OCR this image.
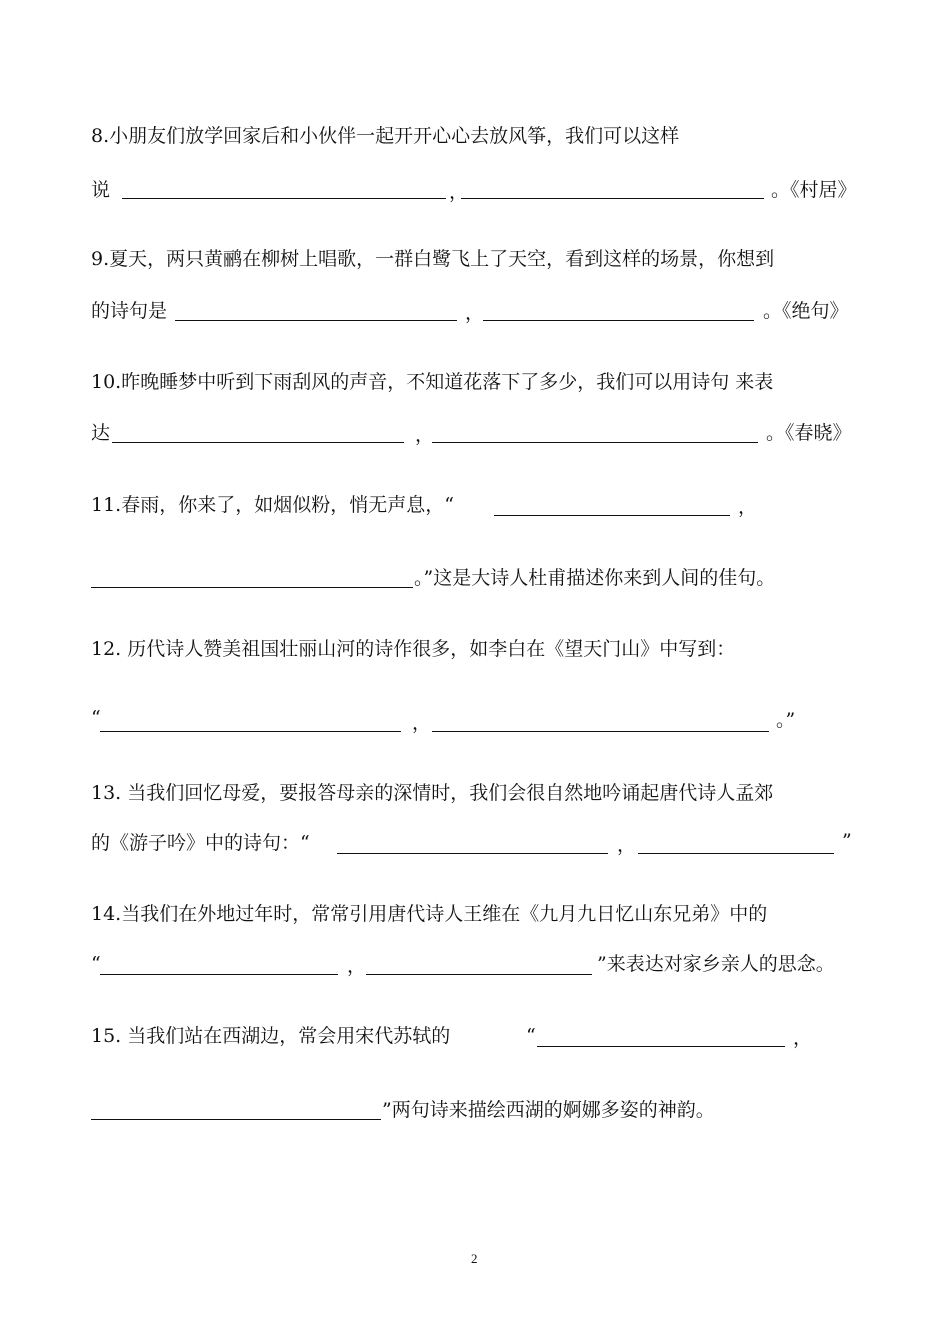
8.小朋友们放学回家后和小伙伴一起开开心心去放风筝，我们可以这样
说	，	。《村居》
9.夏天，两只黄鹂在柳树上唱歌，一群白鹭飞上了天空，看到这样的场景，你想到
的诗句是	，	。《绝句》
10.昨晚睡梦中听到下雨刮风的声音，不知道花落下了多少，我们可以用诗句 来表
达	，	。《春晓》
11.春雨，你来了，如烟似粉，悄无声息，“	，
。”这是大诗人杜甫描述你来到人间的佳句。
12. 历代诗人赞美祖国壮丽山河的诗作很多，如李白在《望天门山》中写到：
“	，	。”
13. 当我们回忆母爱，要报答母亲的深情时，我们会很自然地吟诵起唐代诗人孟郊
的《游子吟》中的诗句：“	，	”
14.当我们在外地过年时，常常引用唐代诗人王维在《九月九日忆山东兄弟》中的
“	，	”来表达对家乡亲人的思念。
15. 当我们站在西湖边，常会用宋代苏轼的	“	，
”两句诗来描绘西湖的婀娜多姿的神韵。
2
